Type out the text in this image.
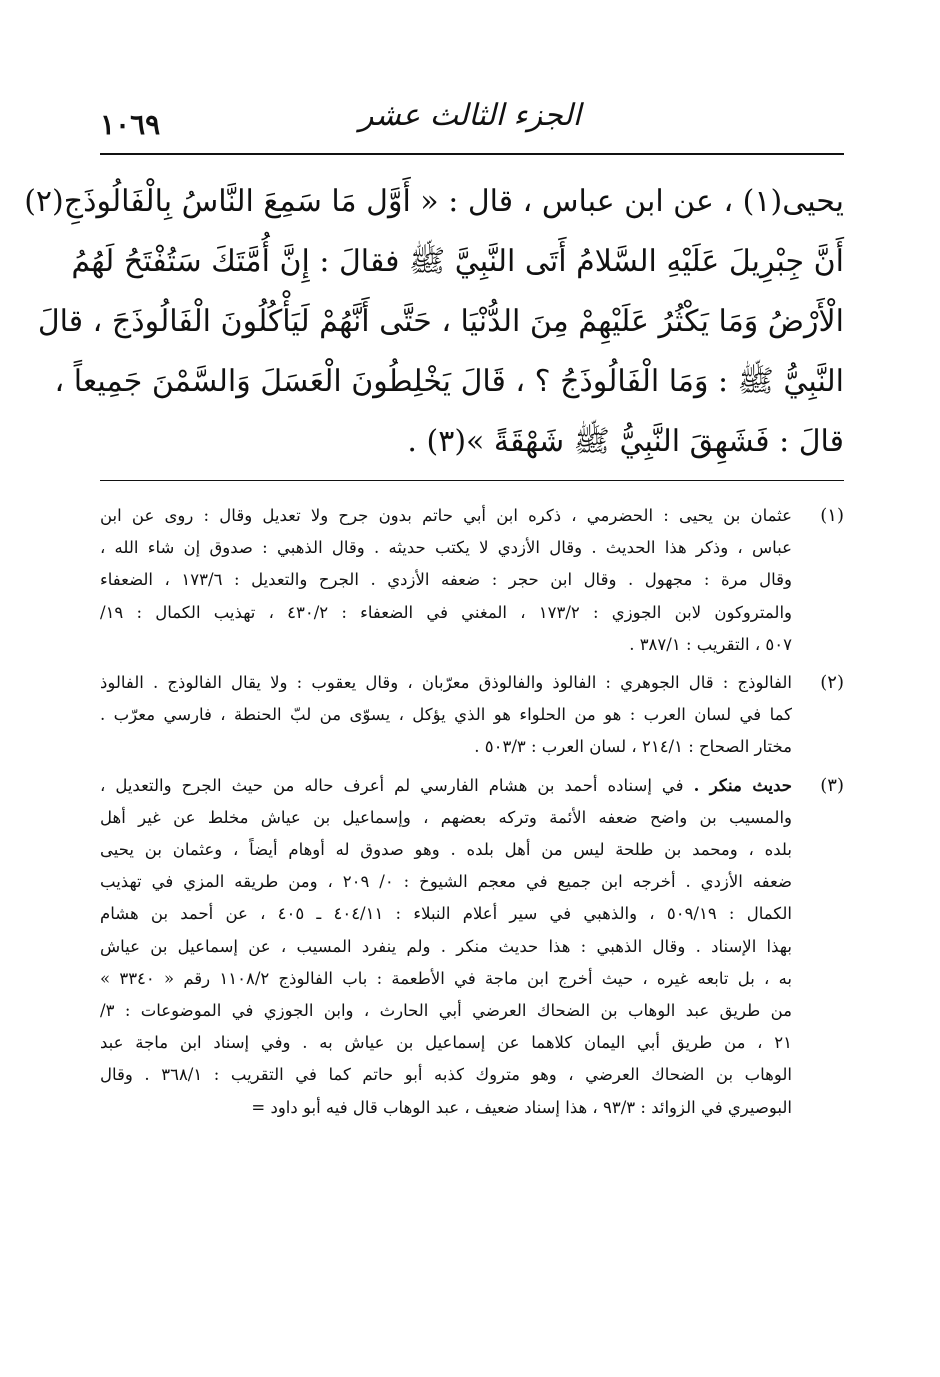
١٠٦٩	الجزء الثالث عشر
يحيى(١) ، عن ابن عباس ، قال : « أَوَّل مَا سَمِعَ النَّاسُ بِالْفَالُوذَجِ(٢)
أَنَّ جِبْرِيلَ عَلَيْهِ السَّلامُ أَتَى النَّبِيَّ ﷺ فقالَ : إِنَّ أُمَّتَكَ سَتُفْتَحُ لَهُمُ
الْأَرْضُ وَمَا يَكْثُرُ عَلَيْهِمْ مِنَ الدُّنْيَا ، حَتَّى أَنَّهُمْ لَيَأْكُلُونَ الْفَالُوذَجَ ، قالَ
النَّبِيُّ ﷺ : وَمَا الْفَالُوذَجُ ؟ ، قَالَ يَخْلِطُونَ الْعَسَلَ وَالسَّمْنَ جَمِيعاً ،
قالَ : فَشَهِقَ النَّبِيُّ ﷺ شَهْقَةً »(٣) .
(١)
عثمان بن يحيى : الحضرمي ، ذكره ابن أبي حاتم بدون جرح ولا تعديل وقال : روى عن ابن
عباس ، وذكر هذا الحديث . وقال الأزدي لا يكتب حديثه . وقال الذهبي : صدوق إن شاء الله ،
وقال مرة : مجهول . وقال ابن حجر : ضعفه الأزدي . الجرح والتعديل : ١٧٣/٦ ، الضعفاء
والمتروكون لابن الجوزي : ١٧٣/٢ ، المغني في الضعفاء : ٤٣٠/٢ ، تهذيب الكمال : ١٩/
٥٠٧ ، التقريب : ٣٨٧/١ .
(٢)
الفالوذج : قال الجوهري : الفالوذ والفالوذق معرّبان ، وقال يعقوب : ولا يقال الفالوذج . الفالوذ
كما في لسان العرب : هو من الحلواء هو الذي يؤكل ، يسوّى من لبّ الحنطة ، فارسي معرّب .
مختار الصحاح : ٢١٤/١ ، لسان العرب : ٥٠٣/٣ .
(٣)
حديث منكر . في إسناده أحمد بن هشام الفارسي لم أعرف حاله من حيث الجرح والتعديل ،
والمسيب بن واضح ضعفه الأئمة وتركه بعضهم ، وإسماعيل بن عياش مخلط عن غير أهل
بلده ، ومحمد بن طلحة ليس من أهل بلده . وهو صدوق له أوهام أيضاً ، وعثمان بن يحيى
ضعفه الأزدي . أخرجه ابن جميع في معجم الشيوخ : ٠/ ٢٠٩ ، ومن طريقه المزي في تهذيب
الكمال : ٥٠٩/١٩ ، والذهبي في سير أعلام النبلاء : ٤٠٤/١١ ـ ٤٠٥ ، عن أحمد بن هشام
بهذا الإسناد . وقال الذهبي : هذا حديث منكر . ولم ينفرد المسيب ، عن إسماعيل بن عياش
به ، بل تابعه غيره ، حيث أخرج ابن ماجة في الأطعمة : باب الفالوذج ١١٠٨/٢ رقم « ٣٣٤٠ »
من طريق عبد الوهاب بن الضحاك العرضي أبي الحارث ، وابن الجوزي في الموضوعات : ٣/
٢١ ، من طريق أبي اليمان كلاهما عن إسماعيل بن عياش به . وفي إسناد ابن ماجة عبد
الوهاب بن الضحاك العرضي ، وهو متروك كذبه أبو حاتم كما في التقريب : ٣٦٨/١ . وقال
البوصيري في الزوائد : ٩٣/٣ ، هذا إسناد ضعيف ، عبد الوهاب قال فيه أبو داود =
